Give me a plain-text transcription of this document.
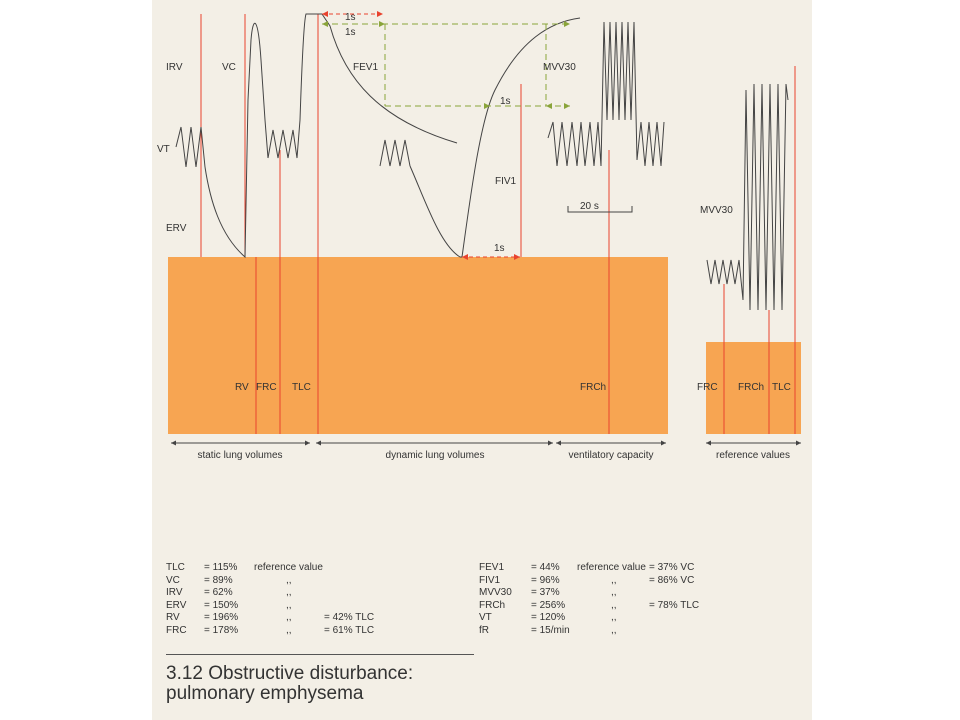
IRV	VC
VT
ERV
1s
1s
FEV1	MVV30
1s
FIV1
20 s	MVV30
1s
RV FRC TLC	FRCh	FRC FRCh TLC
static lung volumes	dynamic lung volumes	ventilatory capacity	reference values
TLC = 115% reference value
VC = 89%	,,
IRV = 62%	,,
ERV = 150%	,,
RV = 196%	,,	= 42% TLC
FRC = 178%	,,	= 61% TLC
FEV1	= 44% reference value = 37% VC
FIV1	= 96%	,,	= 86% VC
MVV30 = 37%	,,
FRCh	= 256%	,,	= 78% TLC
VT	= 120%	,,
fR	= 15/min	,,
3.12 Obstructive disturbance:
pulmonary emphysema
